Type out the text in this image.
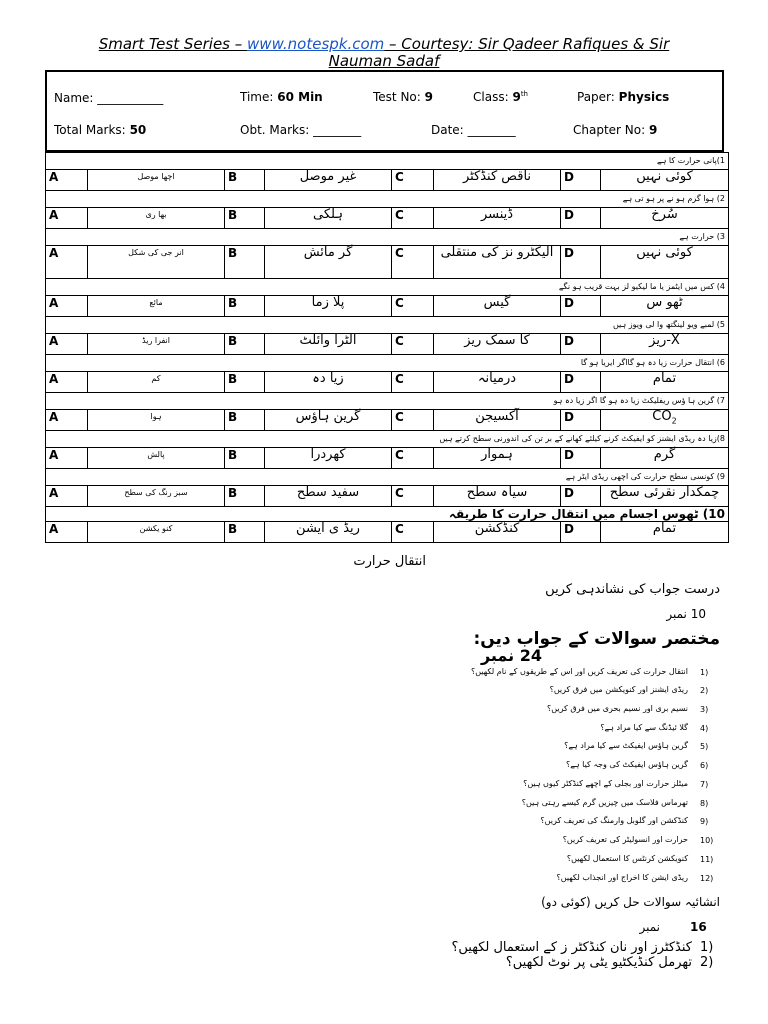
Smart Test Series – www.notespk.com – Courtesy: Sir Qadeer Rafiques & Sir
Nauman Sadaf
Name: ___________	Time: 60 Min	Test No: 9	Class: 9th	Paper: Physics
Total Marks: 50	Obt. Marks: ________	Date: ________	Chapter No: 9
1)پانی حرارت کا ہے							
A	اچھا موصل	B	غیر موصل	C	ناقص کنڈکٹر	D	کوئی نہیں
2) ہوا گرم ہو نے پر ہو تی ہے							
A	بھا ری	B	ہلکی	C	ڈینسر	D	سُرخ
3) حرارت ہے							
A	انر جی کی شکل	B	گر مائش	C	الیکٹرو نز کی منتقلی	D	کوئی نہیں
4) کس میں ایٹمز یا ما لیکیو لز بہت قریب ہو نگے							
A	مائع	B	پلا زما	C	گیس	D	ٹھو س
5) لمبے ویو لینگتھ وا لی ویوز ہیں							
A	انفرا ریڈ	B	الٹرا وائلٹ	C	کا سمک ریز	D	X-ریز
6) انتقال حرارت زیا دہ ہو گااگر ایریا ہو گا							
A	کم	B	زیا دہ	C	درمیانہ	D	تمام
7) گرین ہا ؤس ریفلیکٹ زیا دہ ہو گا اگر زیا دہ ہو							
A	ہوا	B	گرین ہاؤس	C	آکسیجن	D	$CO_2$
8)زیا دہ ریڈی ایشنز کو ایفیکٹ کرنے کیلئے کھانے کے بر تن کی اندورنی سطح کرتے ہیں							
A	پالش	B	کھردرا	C	ہموار	D	گرم
9) کونسی سطح حرارت کی اچھی ریڈی ایٹر ہے							
A	سبز رنگ کی سطح	B	سفید سطح	C	سیاہ سطح	D	چمکدار نقرئی سطح
10) ٹھوس اجسام میں انتقال حرارت کا طریقہ							
A	کنو یکشن	B	ریڈ ی ایشن	C	کنڈکشن	D	تمام
انتقال حرارت
درست جواب کی نشاندہی کریں
10 نمبر
مختصر سوالات کے جواب دیں:
24 نمبر
انتقال حرارت کی تعریف کریں اور اس کے طریقوں کے نام لکھیں؟ 1)
ریڈی ایشنز اور کنویکشن میں فرق کریں؟ 2)
نسیم بری اور نسیم بحری میں فرق کریں؟ 3)
گلا ئیڈنگ سے کیا مراد ہے؟ 4)
گرین ہاؤس ایفیکٹ سے کیا مراد ہے؟ 5)
گرین ہاؤس ایفیکٹ کی وجہ کیا ہے؟ 6)
میٹلز حرارت اور بجلی کے اچھے کنڈکٹر کیوں ہیں؟ 7)
تھرماس فلاسک میں چیزیں گرم کیسے رہتی ہیں؟ 8)
کنڈکشن اور گلوبل وارمنگ کی تعریف کریں؟ 9)
حرارت اور انسولیٹر کی تعریف کریں؟ 10)
کنویکشن کرنٹس کا استعمال لکھیں؟ 11)
ریڈی ایشن کا اخراج اور انجذاب لکھیں؟ 12)
انشائیہ سوالات حل کریں (کوئی دو)
16
نمبر
1)
کنڈکٹرز اور نان کنڈکٹر ز کے استعمال لکھیں؟
2)
تھرمل کنڈیکٹیو یٹی پر نوٹ لکھیں؟
